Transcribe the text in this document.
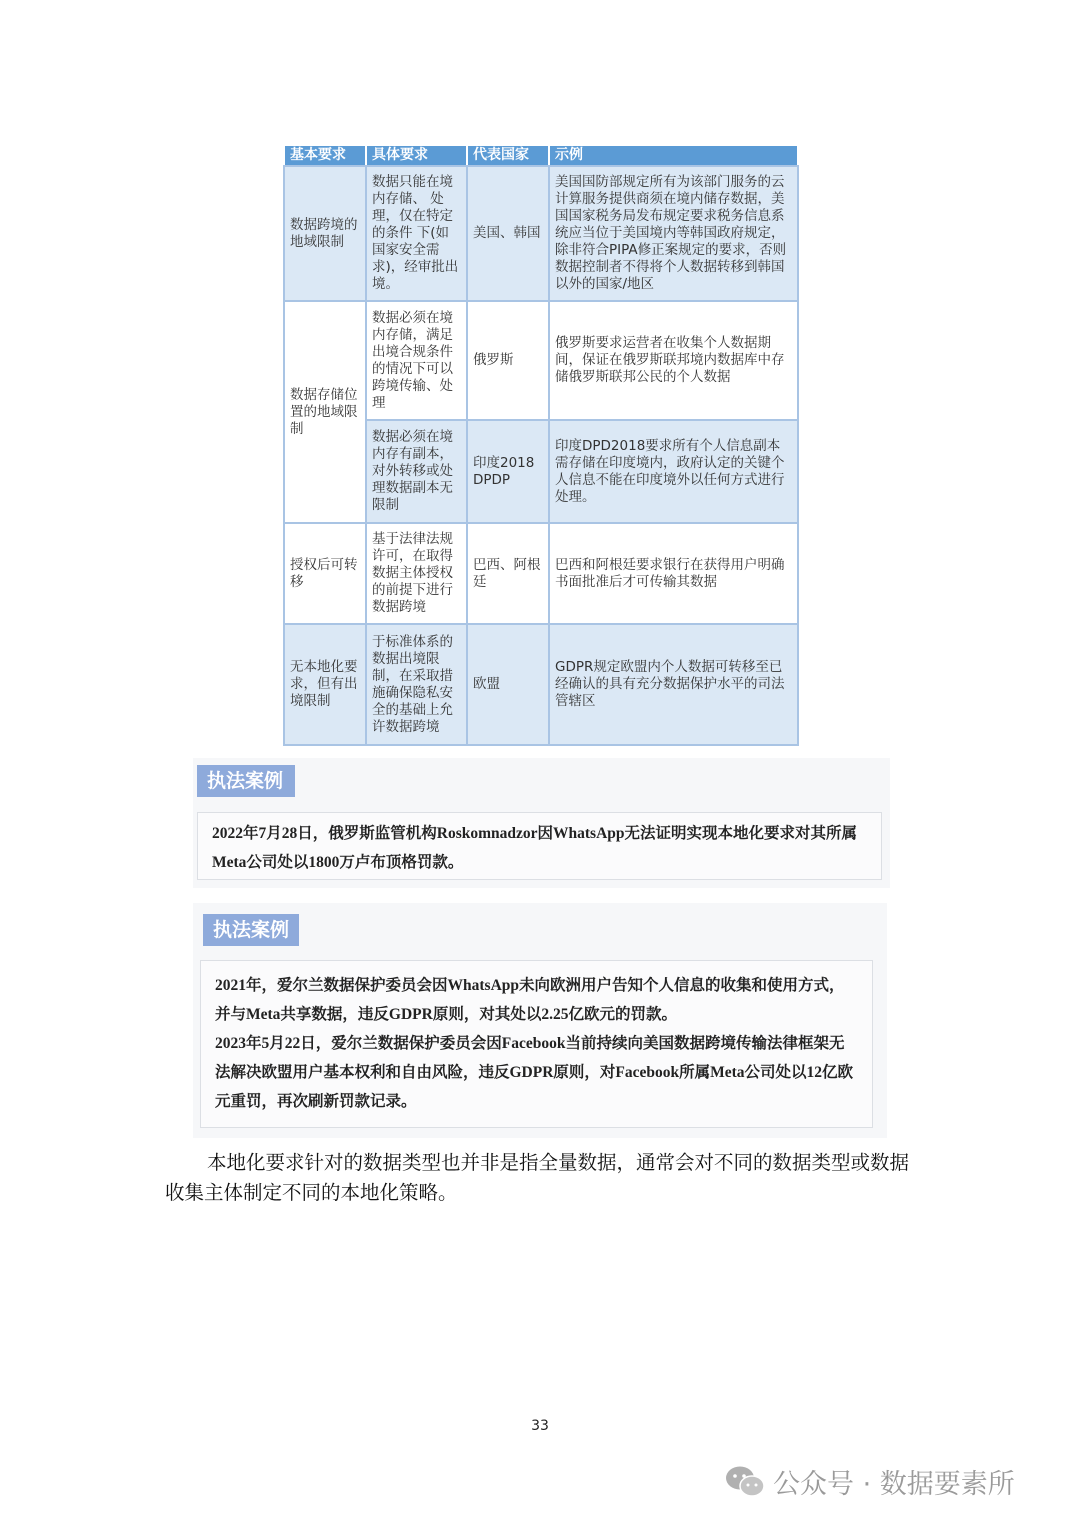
基本要求	具体要求	代表国家	示例
数据跨境的地域限制	数据只能在境内存储、 处理，仅在特定的条件 下(如国家安全需求)，经审批出境。	美国、韩国	美国国防部规定所有为该部门服务的云计算服务提供商须在境内储存数据，美国国家税务局发布规定要求税务信息系统应当位于美国境内等韩国政府规定，除非符合PIPA修正案规定的要求，否则数据控制者不得将个人数据转移到韩国以外的国家/地区
数据存储位置的地域限制	数据必须在境内存储，满足出境合规条件的情况下可以跨境传输、处理	俄罗斯	俄罗斯要求运营者在收集个人数据期间，保证在俄罗斯联邦境内数据库中存储俄罗斯联邦公民的个人数据
	数据必须在境内存有副本，对外转移或处理数据副本无限制	印度2018DPDP	印度DPD2018要求所有个人信息副本需存储在印度境内，政府认定的关键个人信息不能在印度境外以任何方式进行处理。
授权后可转移	基于法律法规许可，在取得数据主体授权的前提下进行数据跨境	巴西、阿根廷	巴西和阿根廷要求银行在获得用户明确书面批准后才可传输其数据
无本地化要求，但有出境限制	于标准体系的数据出境限制，在采取措施确保隐私安全的基础上允许数据跨境	欧盟	GDPR规定欧盟内个人数据可转移至已经确认的具有充分数据保护水平的司法管辖区
执法案例

2022年7月28日，俄罗斯监管机构Roskomnadzor因WhatsApp无法证明实现本地化要求对其所属Meta公司处以1800万卢布顶格罚款。

执法案例

2021年，爱尔兰数据保护委员会因WhatsApp未向欧洲用户告知个人信息的收集和使用方式，并与Meta共享数据，违反GDPR原则，对其处以2.25亿欧元的罚款。

2023年5月22日，爱尔兰数据保护委员会因Facebook当前持续向美国数据跨境传输法律框架无法解决欧盟用户基本权利和自由风险，违反GDPR原则，对Facebook所属Meta公司处以12亿欧元重罚，再次刷新罚款记录。

本地化要求针对的数据类型也并非是指全量数据，通常会对不同的数据类型或数据收集主体制定不同的本地化策略。

33
公众号 · 数据要素所
